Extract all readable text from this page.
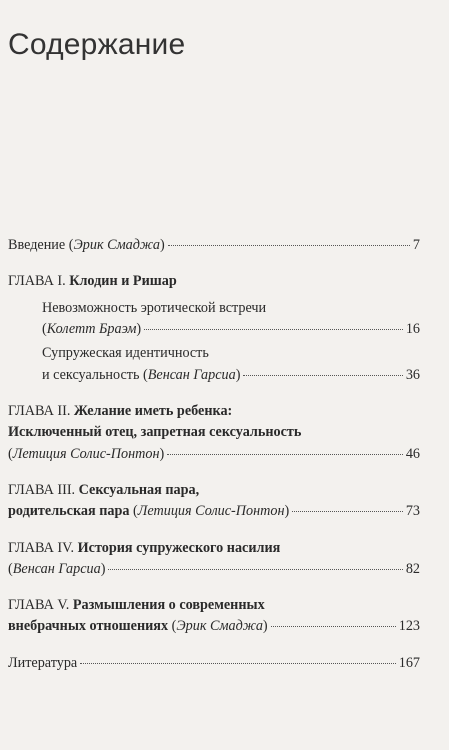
Содержание
Введение (Эрик Смаджа)	7
ГЛАВА I. Клодин и Ришар
Невозможность эротической встречи
(Колетт Браэм)	16
Супружеская идентичность
и сексуальность (Венсан Гарсиа)	36
ГЛАВА II. Желание иметь ребенка:
Исключенный отец, запретная сексуальность
(Летиция Солис-Понтон)	46
ГЛАВА III. Сексуальная пара,
родительская пара (Летиция Солис-Понтон)	73
ГЛАВА IV. История супружеского насилия
(Венсан Гарсиа)	82
ГЛАВА V. Размышления о современных
внебрачных отношениях (Эрик Смаджа)	123
Литература	167
